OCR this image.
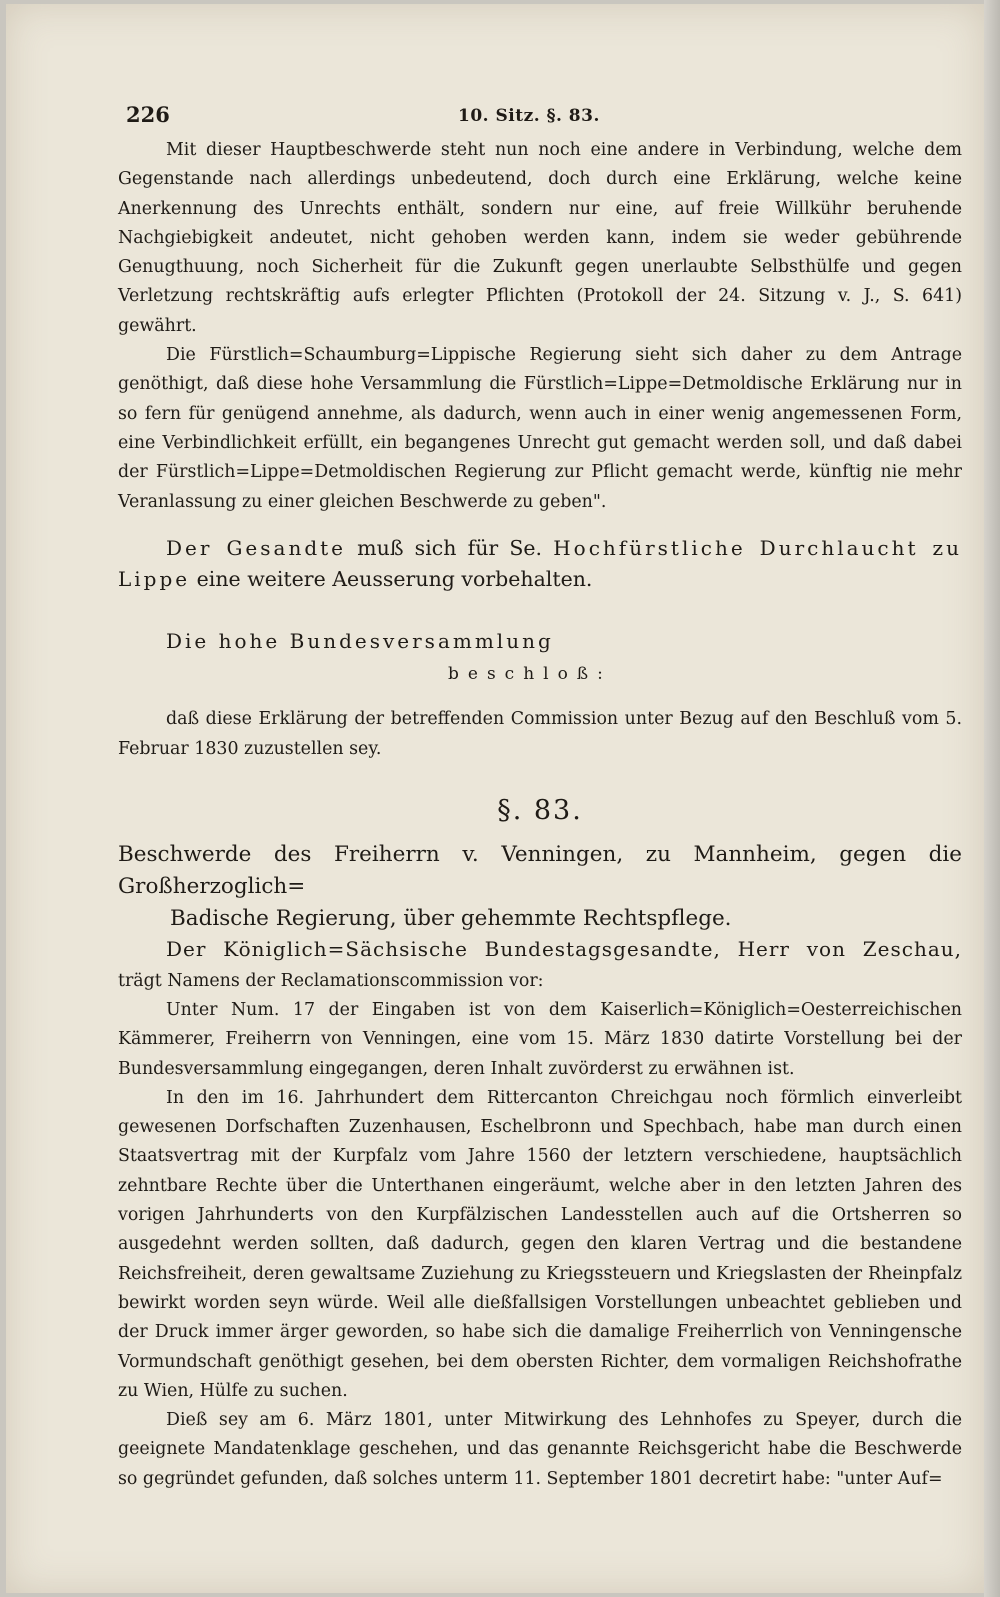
226	10. Sitz. §. 83.

Mit dieser Hauptbeschwerde steht nun noch eine andere in Verbindung, welche dem Gegenstande nach allerdings unbedeutend, doch durch eine Erklärung, welche keine Anerkennung des Unrechts enthält, sondern nur eine, auf freie Willkühr beruhende Nachgiebigkeit andeutet, nicht gehoben werden kann, indem sie weder gebührende Genugthuung, noch Sicherheit für die Zukunft gegen unerlaubte Selbsthülfe und gegen Verletzung rechtskräftig aufs erlegter Pflichten (Protokoll der 24. Sitzung v. J., S. 641) gewährt.

Die Fürstlich=Schaumburg=Lippische Regierung sieht sich daher zu dem Antrage genöthigt, daß diese hohe Versammlung die Fürstlich=Lippe=Detmoldische Erklärung nur in so fern für genügend annehme, als dadurch, wenn auch in einer wenig angemessenen Form, eine Verbindlichkeit erfüllt, ein begangenes Unrecht gut gemacht werden soll, und daß dabei der Fürstlich=Lippe=Detmoldischen Regierung zur Pflicht gemacht werde, künftig nie mehr Veranlassung zu einer gleichen Beschwerde zu geben".

Der Gesandte muß sich für Se. Hochfürstliche Durchlaucht zu Lippe eine weitere Aeusserung vorbehalten.

Die hohe Bundesversammlung

beschloß:

daß diese Erklärung der betreffenden Commission unter Bezug auf den Beschluß vom 5. Februar 1830 zuzustellen sey.

§. 83.

Beschwerde des Freiherrn v. Venningen, zu Mannheim, gegen die Großherzoglich=
Badische Regierung, über gehemmte Rechtspflege.

Der Königlich=Sächsische Bundestagsgesandte, Herr von Zeschau, trägt Namens der Reclamationscommission vor:

Unter Num. 17 der Eingaben ist von dem Kaiserlich=Königlich=Oesterreichischen Kämmerer, Freiherrn von Venningen, eine vom 15. März 1830 datirte Vorstellung bei der Bundesversammlung eingegangen, deren Inhalt zuvörderst zu erwähnen ist.

In den im 16. Jahrhundert dem Rittercanton Chreichgau noch förmlich einverleibt gewesenen Dorfschaften Zuzenhausen, Eschelbronn und Spechbach, habe man durch einen Staatsvertrag mit der Kurpfalz vom Jahre 1560 der letztern verschiedene, hauptsächlich zehntbare Rechte über die Unterthanen eingeräumt, welche aber in den letzten Jahren des vorigen Jahrhunderts von den Kurpfälzischen Landesstellen auch auf die Ortsherren so ausgedehnt werden sollten, daß dadurch, gegen den klaren Vertrag und die bestandene Reichsfreiheit, deren gewaltsame Zuziehung zu Kriegssteuern und Kriegslasten der Rheinpfalz bewirkt worden seyn würde. Weil alle dießfallsigen Vorstellungen unbeachtet geblieben und der Druck immer ärger geworden, so habe sich die damalige Freiherrlich von Venningensche Vormundschaft genöthigt gesehen, bei dem obersten Richter, dem vormaligen Reichshofrathe zu Wien, Hülfe zu suchen.

Dieß sey am 6. März 1801, unter Mitwirkung des Lehnhofes zu Speyer, durch die geeignete Mandatenklage geschehen, und das genannte Reichsgericht habe die Beschwerde so gegründet gefunden, daß solches unterm 11. September 1801 decretirt habe: "unter Auf=
